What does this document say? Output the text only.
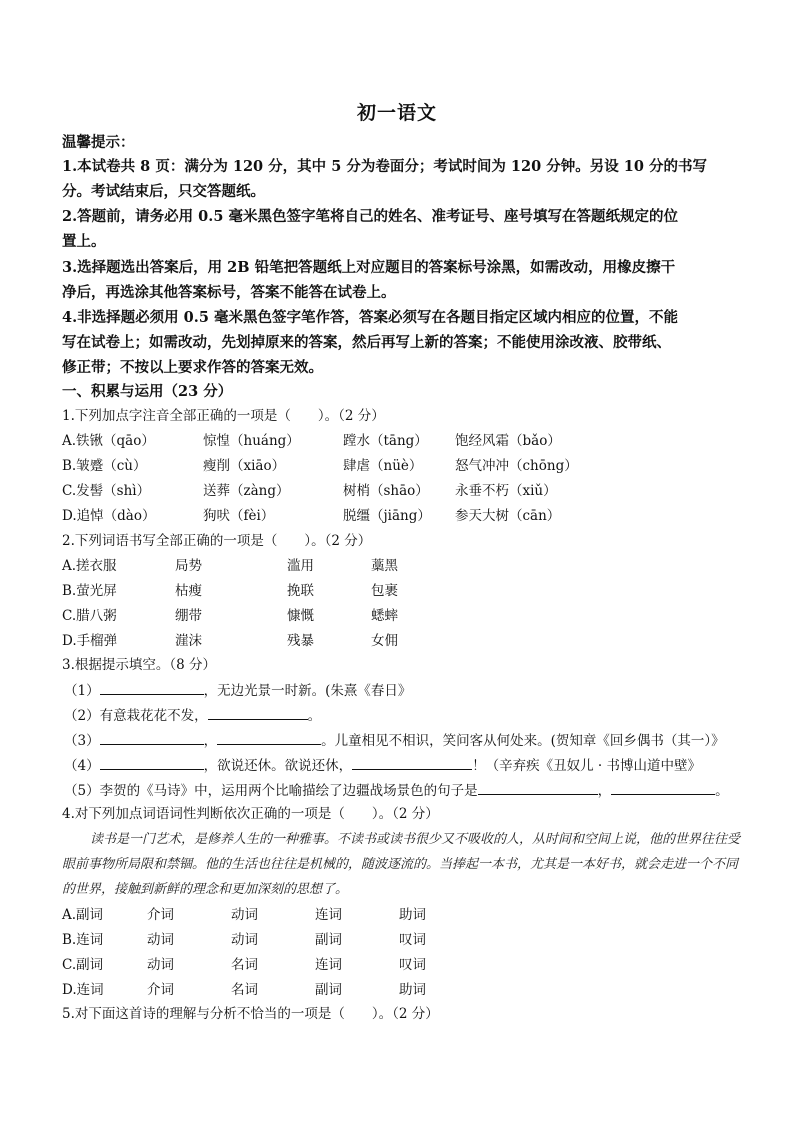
初一语文
温馨提示：
1.本试卷共 8 页：满分为 120 分，其中 5 分为卷面分；考试时间为 120 分钟。另设 10 分的书写
分。考试结束后，只交答题纸。
2.答题前，请务必用 0.5 毫米黑色签字笔将自己的姓名、准考证号、座号填写在答题纸规定的位
置上。
3.选择题选出答案后，用 2B 铅笔把答题纸上对应题目的答案标号涂黑，如需改动，用橡皮擦干
净后，再选涂其他答案标号，答案不能答在试卷上。
4.非选择题必须用 0.5 毫米黑色签字笔作答，答案必须写在各题目指定区域内相应的位置，不能
写在试卷上；如需改动，先划掉原来的答案，然后再写上新的答案；不能使用涂改液、胶带纸、
修正带；不按以上要求作答的答案无效。
一、积累与运用（23 分）
1.下列加点字注音全部正确的一项是（　　）。（2 分）
A.铁锹（qāo）	惊惶（huáng）	蹚水（tāng） 饱经风霜（bǎo）
B.皱蹙（cù）	瘦削（xiāo）	肆虐（nüè） 怒气冲冲（chōng）
C.发髻（shì）	送葬（zàng）	树梢（shāo） 永垂不朽（xiǔ）
D.追悼（dào）	狗吠（fèi）	脱缰（jiāng） 参天大树（cān）
2.下列词语书写全部正确的一项是（　　）。（2 分）
A.搓衣服	局势	滥用	藁黑
B.萤光屏	枯瘦	挽联	包裹
C.腊八粥	绷带	慷慨	蟋蟀
D.手榴弹	漄沫	残暴	女佣
3.根据提示填空。（8 分）
（1）	，无边光景一时新。(朱熹《春日》
（2）有意栽花花不发，	。
（3）	，	。儿童相见不相识，笑问客从何处来。(贺知章《回乡偶书（其一）》
（4）	，欲说还休。欲说还休，	！（辛弃疾《丑奴儿 · 书博山道中壁》
（5）李贺的《马诗》中，运用两个比喻描绘了边疆战场景色的句子是	，	。
4.对下列加点词语词性判断依次正确的一项是（　　）。（2 分）
读书是一门艺术，是修养人生的一种雅事。不读书或读书很少又不吸收的人，从时间和空间上说，他的世界往往受眼前事物所局限和禁锢。他的生活也往往是机械的，随波逐流的。当捧起一本书，尤其是一本好书，就会走进一个不同的世界，接触到新鲜的理念和更加深刻的思想了。
A.副词	介词	动词	连词	助词
B.连词	动词	动词	副词	叹词
C.副词	动词	名词	连词	叹词
D.连词	介词	名词	副词	助词
5.对下面这首诗的理解与分析不恰当的一项是（　　）。（2 分）
